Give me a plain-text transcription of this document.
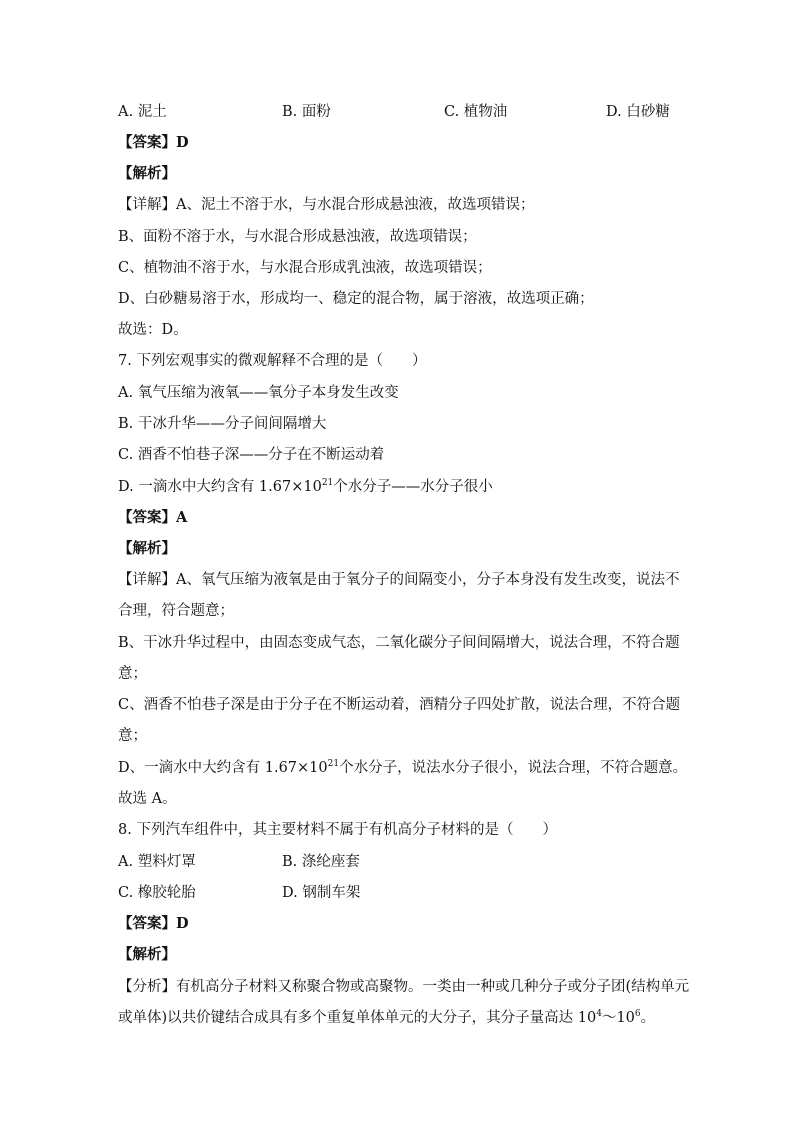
A. 泥土	B. 面粉	C. 植物油	D. 白砂糖
【答案】D
【解析】
【详解】A、泥土不溶于水，与水混合形成悬浊液，故选项错误；
B、面粉不溶于水，与水混合形成悬浊液，故选项错误；
C、植物油不溶于水，与水混合形成乳浊液，故选项错误；
D、白砂糖易溶于水，形成均一、稳定的混合物，属于溶液，故选项正确；
故选：D。
7. 下列宏观事实的微观解释不合理的是（　　）
A. 氧气压缩为液氧——氧分子本身发生改变
B. 干冰升华——分子间间隔增大
C. 酒香不怕巷子深——分子在不断运动着
D. 一滴水中大约含有 $1.67\times 10^{21}$个水分子——水分子很小
【答案】A
【解析】
【详解】A、氧气压缩为液氧是由于氧分子的间隔变小，分子本身没有发生改变，说法不
合理，符合题意；
B、干冰升华过程中，由固态变成气态，二氧化碳分子间间隔增大，说法合理，不符合题
意；
C、酒香不怕巷子深是由于分子在不断运动着，酒精分子四处扩散，说法合理，不符合题
意；
D、一滴水中大约含有 $1.67\times 10^{21}$个水分子，说法水分子很小，说法合理，不符合题意。
故选 A。
8. 下列汽车组件中，其主要材料不属于有机高分子材料的是（　　）
A. 塑料灯罩	B. 涤纶座套
C. 橡胶轮胎	D. 钢制车架
【答案】D
【解析】
【分析】有机高分子材料又称聚合物或高聚物。一类由一种或几种分子或分子团(结构单元
或单体)以共价键结合成具有多个重复单体单元的大分子，其分子量高达 $10^4\sim 10^6$。
